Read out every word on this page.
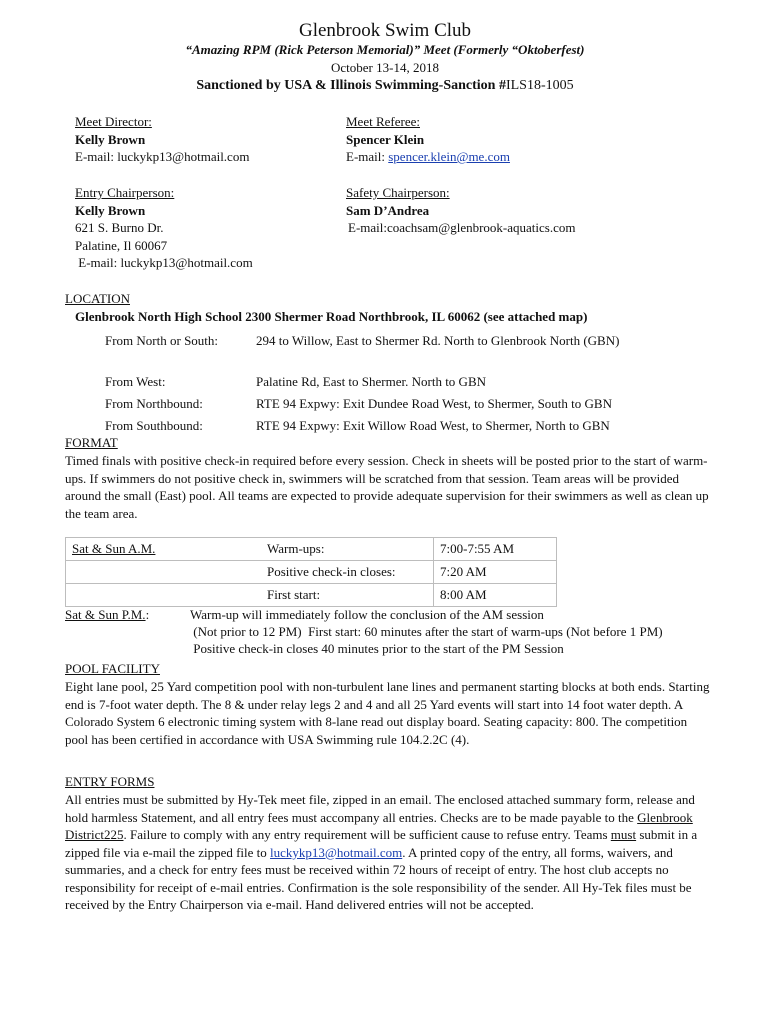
Glenbrook Swim Club
“Amazing RPM (Rick Peterson Memorial)” Meet (Formerly “Oktoberfest)
October 13-14, 2018
Sanctioned by USA & Illinois Swimming-Sanction #ILS18-1005
Meet Director:
Kelly Brown
E-mail: luckykp13@hotmail.com
Meet Referee:
Spencer Klein
E-mail: spencer.klein@me.com
Entry Chairperson:
Kelly Brown
621 S. Burno Dr.
Palatine, Il 60067
E-mail: luckykp13@hotmail.com
Safety Chairperson:
Sam D’Andrea
E-mail:coachsam@glenbrook-aquatics.com
LOCATION
Glenbrook North High School 2300 Shermer Road Northbrook, IL 60062 (see attached map)
From North or South:	294 to Willow, East to Shermer Rd. North to Glenbrook North (GBN)
From West:	Palatine Rd, East to Shermer. North to GBN
From Northbound:	RTE 94 Expwy: Exit Dundee Road West, to Shermer, South to GBN
From Southbound:	RTE 94 Expwy: Exit Willow Road West, to Shermer, North to GBN
FORMAT
Timed finals with positive check-in required before every session. Check in sheets will be posted prior to the start of warm- ups. If swimmers do not positive check in, swimmers will be scratched from that session. Team areas will be provided around the small (East) pool. All teams are expected to provide adequate supervision for their swimmers as well as clean up the team area.
Sat & Sun A.M.	Warm-ups:	7:00-7:55 AM
	Positive check-in closes:	7:20 AM
	First start:	8:00 AM
Sat & Sun P.M.:	Warm-up will immediately follow the conclusion of the AM session
(Not prior to 12 PM)  First start: 60 minutes after the start of warm-ups (Not before 1 PM)
Positive check-in closes 40 minutes prior to the start of the PM Session
POOL FACILITY
Eight lane pool, 25 Yard competition pool with non-turbulent lane lines and permanent starting blocks at both ends. Starting end is 7-foot water depth. The 8 & under relay legs 2 and 4 and all 25 Yard events will start into 14 foot water depth. A Colorado System 6 electronic timing system with 8-lane read out display board. Seating capacity: 800. The competition pool has been certified in accordance with USA Swimming rule 104.2.2C (4).
ENTRY FORMS
All entries must be submitted by Hy-Tek meet file, zipped in an email. The enclosed attached summary form, release and hold harmless Statement, and all entry fees must accompany all entries. Checks are to be made payable to the Glenbrook District225. Failure to comply with any entry requirement will be sufficient cause to refuse entry. Teams must submit in a zipped file via e-mail the zipped file to luckykp13@hotmail.com. A printed copy of the entry, all forms, waivers, and summaries, and a check for entry fees must be received within 72 hours of receipt of entry. The host club accepts no responsibility for receipt of e-mail entries. Confirmation is the sole responsibility of the sender. All Hy-Tek files must be received by the Entry Chairperson via e-mail. Hand delivered entries will not be accepted.
